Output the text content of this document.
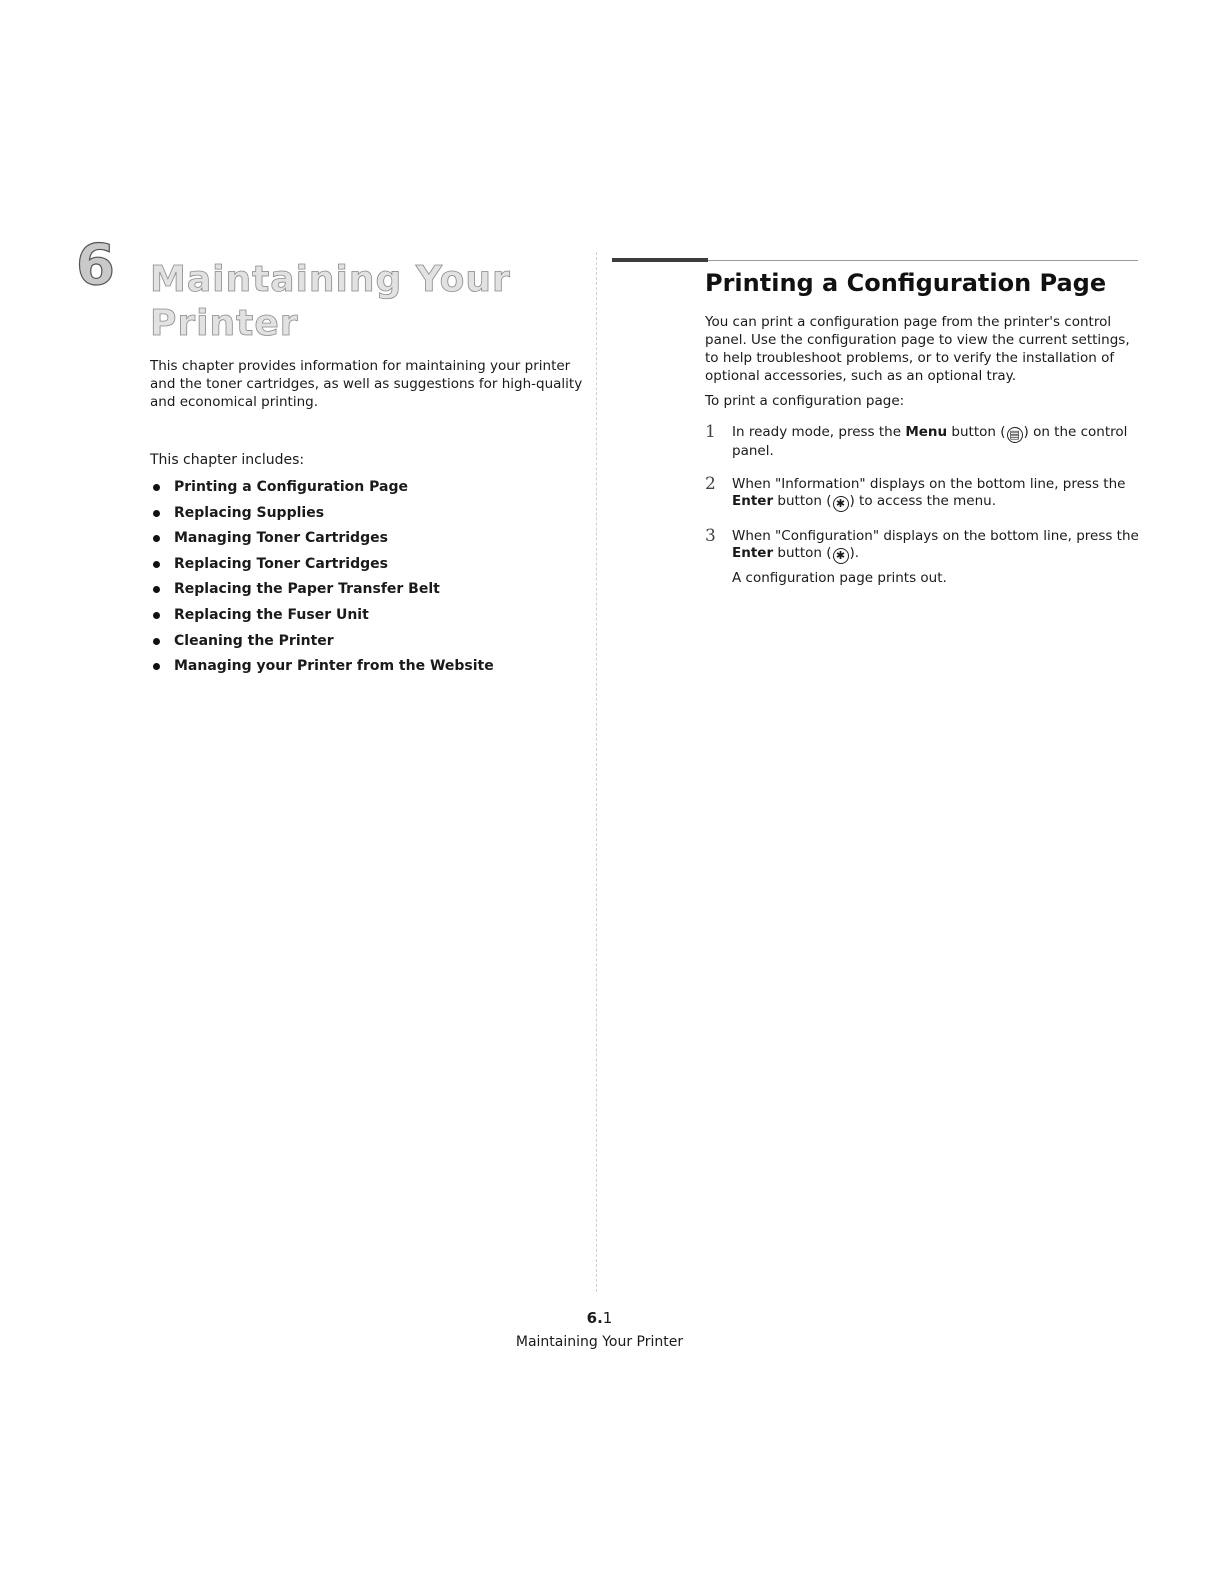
6 Maintaining Your Printer

This chapter provides information for maintaining your printer and the toner cartridges, as well as suggestions for high-quality and economical printing.

This chapter includes:

Printing a Configuration Page
Replacing Supplies
Managing Toner Cartridges
Replacing Toner Cartridges
Replacing the Paper Transfer Belt
Replacing the Fuser Unit
Cleaning the Printer
Managing your Printer from the Website
Printing a Configuration Page

You can print a configuration page from the printer's control panel. Use the configuration page to view the current settings, to help troubleshoot problems, or to verify the installation of optional accessories, such as an optional tray.

To print a configuration page:

1 In ready mode, press the Menu button ( ▤ ) on the control panel.
2 When "Information" displays on the bottom line, press the Enter button ( ✱ ) to access the menu.
3 When "Configuration" displays on the bottom line, press the Enter button ( ✱ ).
A configuration page prints out.

6.1

Maintaining Your Printer
